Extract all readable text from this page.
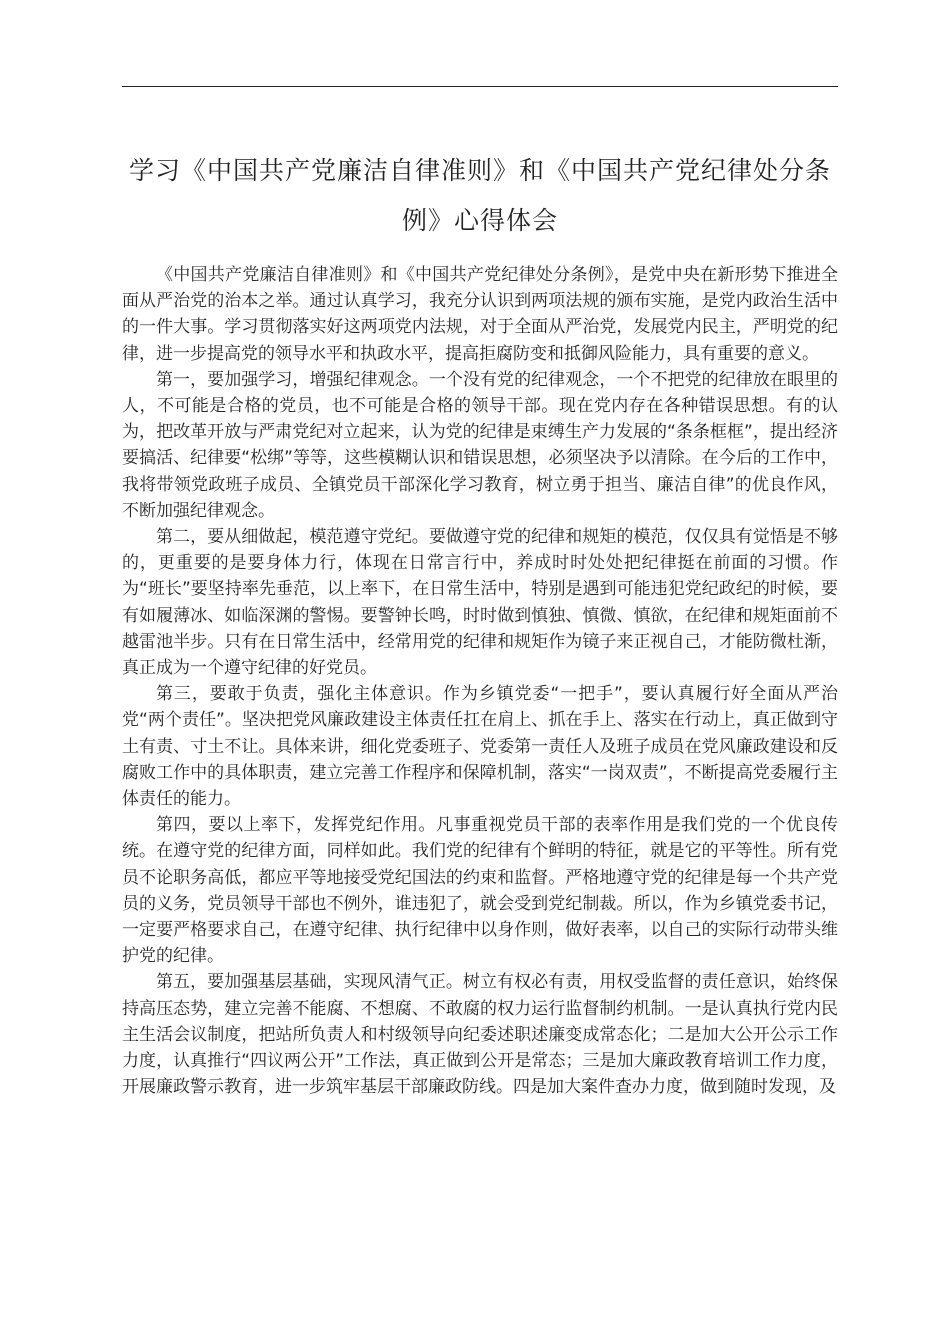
学习《中国共产党廉洁自律准则》和《中国共产党纪律处分条例》心得体会

《中国共产党廉洁自律准则》和《中国共产党纪律处分条例》，是党中央在新形势下推进全面从严治党的治本之举。通过认真学习，我充分认识到两项法规的颁布实施，是党内政治生活中的一件大事。学习贯彻落实好这两项党内法规，对于全面从严治党，发展党内民主，严明党的纪律，进一步提高党的领导水平和执政水平，提高拒腐防变和抵御风险能力，具有重要的意义。

第一，要加强学习，增强纪律观念。一个没有党的纪律观念，一个不把党的纪律放在眼里的人，不可能是合格的党员，也不可能是合格的领导干部。现在党内存在各种错误思想。有的认为，把改革开放与严肃党纪对立起来，认为党的纪律是束缚生产力发展的“条条框框”，提出经济要搞活、纪律要“松绑”等等，这些模糊认识和错误思想，必须坚决予以清除。在今后的工作中，我将带领党政班子成员、全镇党员干部深化学习教育，树立勇于担当、廉洁自律”的优良作风，不断加强纪律观念。

第二，要从细做起，模范遵守党纪。要做遵守党的纪律和规矩的模范，仅仅具有觉悟是不够的，更重要的是要身体力行，体现在日常言行中，养成时时处处把纪律挺在前面的习惯。作为“班长”要坚持率先垂范，以上率下，在日常生活中，特别是遇到可能违犯党纪政纪的时候，要有如履薄冰、如临深渊的警惕。要警钟长鸣，时时做到慎独、慎微、慎欲，在纪律和规矩面前不越雷池半步。只有在日常生活中，经常用党的纪律和规矩作为镜子来正视自己，才能防微杜渐，真正成为一个遵守纪律的好党员。

第三，要敢于负责，强化主体意识。作为乡镇党委“一把手”，要认真履行好全面从严治党“两个责任”。坚决把党风廉政建设主体责任扛在肩上、抓在手上、落实在行动上，真正做到守土有责、寸土不让。具体来讲，细化党委班子、党委第一责任人及班子成员在党风廉政建设和反腐败工作中的具体职责，建立完善工作程序和保障机制，落实“一岗双责”，不断提高党委履行主体责任的能力。

第四，要以上率下，发挥党纪作用。凡事重视党员干部的表率作用是我们党的一个优良传统。在遵守党的纪律方面，同样如此。我们党的纪律有个鲜明的特征，就是它的平等性。所有党员不论职务高低，都应平等地接受党纪国法的约束和监督。严格地遵守党的纪律是每一个共产党员的义务，党员领导干部也不例外，谁违犯了，就会受到党纪制裁。所以，作为乡镇党委书记，一定要严格要求自己，在遵守纪律、执行纪律中以身作则，做好表率，以自己的实际行动带头维护党的纪律。

第五，要加强基层基础，实现风清气正。树立有权必有责，用权受监督的责任意识，始终保持高压态势，建立完善不能腐、不想腐、不敢腐的权力运行监督制约机制。一是认真执行党内民主生活会议制度，把站所负责人和村级领导向纪委述职述廉变成常态化；二是加大公开公示工作力度，认真推行“四议两公开”工作法，真正做到公开是常态；三是加大廉政教育培训工作力度，开展廉政警示教育，进一步筑牢基层干部廉政防线。四是加大案件查办力度，做到随时发现，及
